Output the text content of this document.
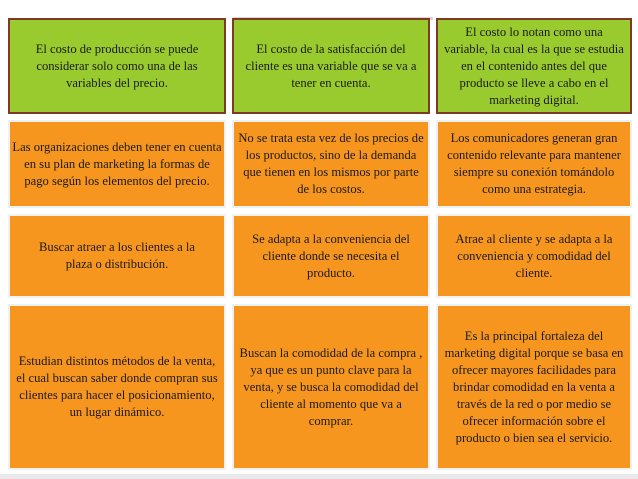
El costo de producción se puede considerar solo como una de las variables del precio.
El costo de la satisfacción del cliente es una variable que se va a tener en cuenta.
El costo lo notan como una variable, la cual es la que se estudia en el contenido antes del que producto se lleve a cabo en el marketing digital.
Las organizaciones deben tener en cuenta en su plan de marketing la formas de pago según los elementos del precio.
No se trata esta vez de los precios de los productos, sino de la demanda que tienen en los mismos por parte de los costos.
Los comunicadores generan gran contenido relevante para mantener siempre su conexión tomándolo como una estrategia.
Buscar atraer a los clientes a la plaza o distribución.
Se adapta a la conveniencia del cliente donde se necesita el producto.
Atrae al cliente y se adapta a la conveniencia y comodidad del cliente.
Estudian distintos métodos de la venta, el cual buscan saber donde compran sus clientes para hacer el posicionamiento, un lugar dinámico.
Buscan la comodidad de la compra , ya que es un punto clave para la venta, y se busca la comodidad del cliente al momento que va a comprar.
Es la principal fortaleza del marketing digital porque se basa en ofrecer mayores facilidades para brindar comodidad en la venta a través de la red o por medio se ofrecer información sobre el producto o bien sea el servicio.
